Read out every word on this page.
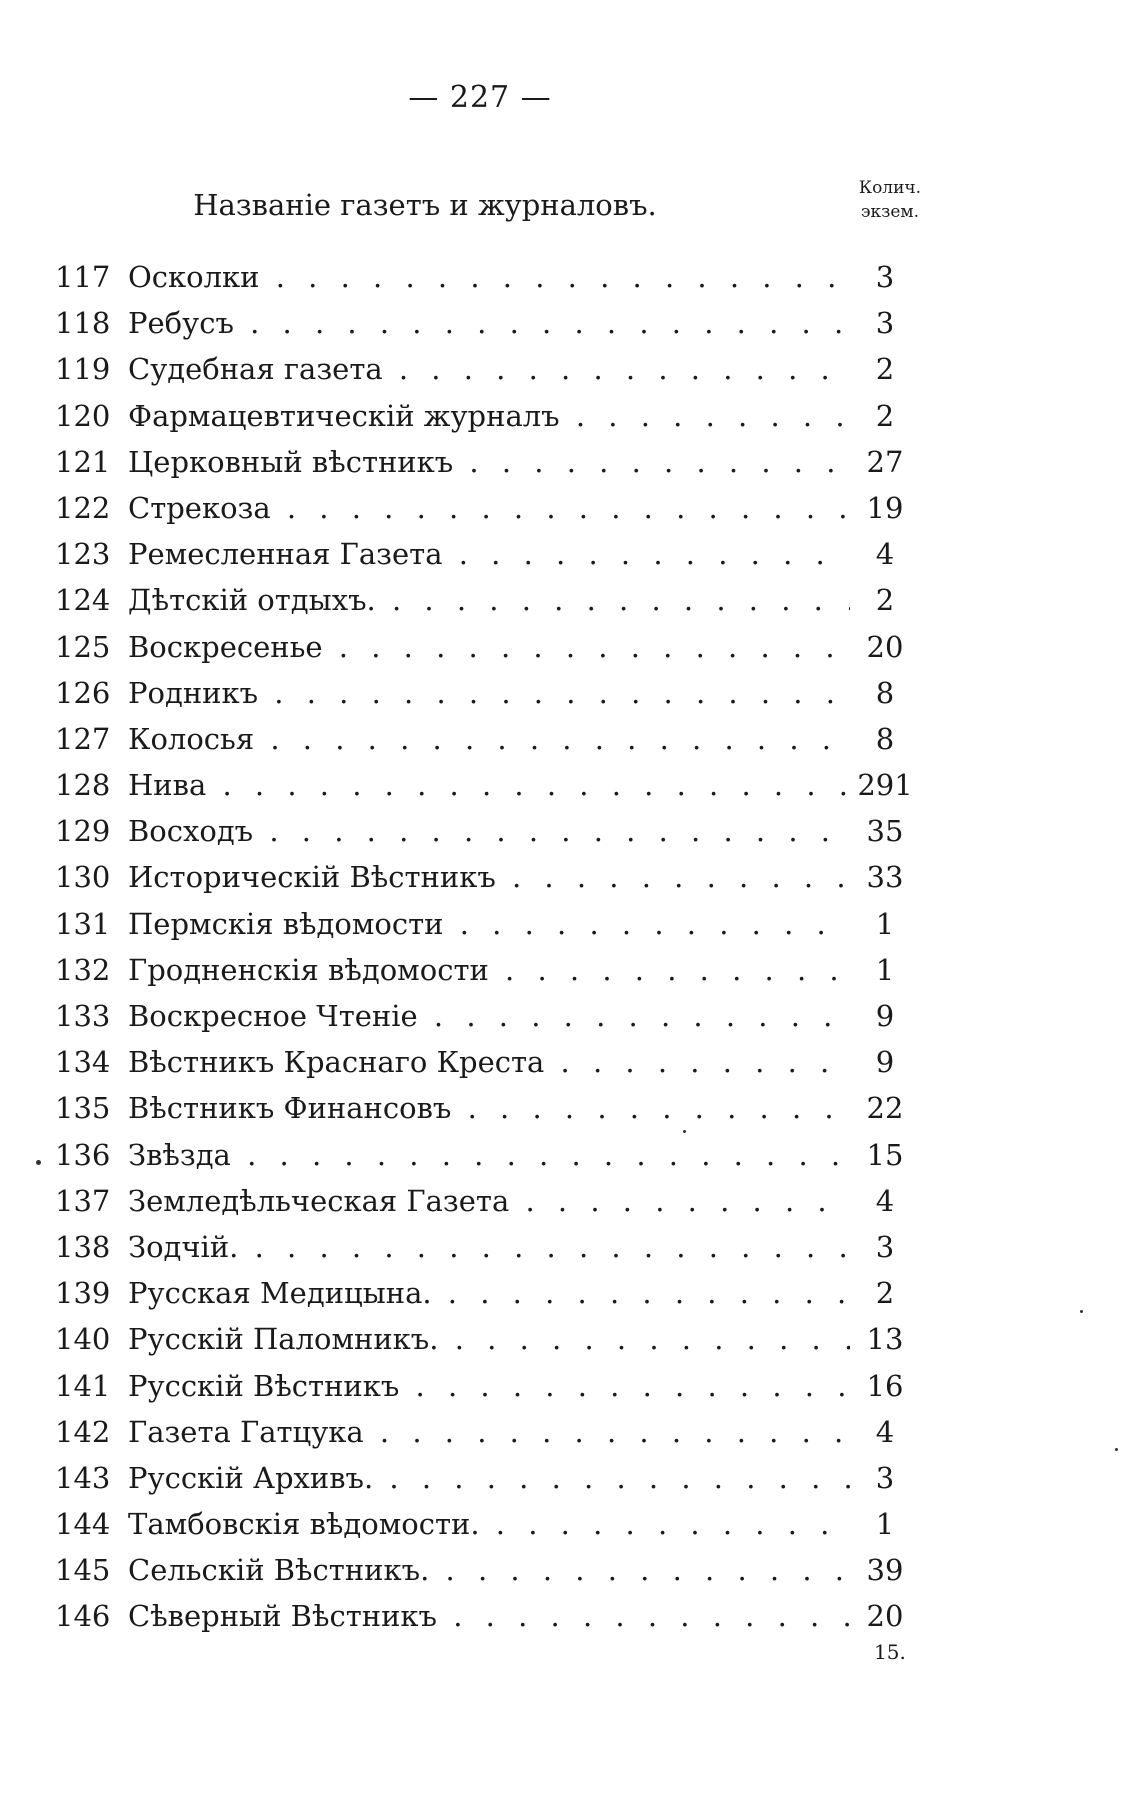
— 227 —
Названіе газетъ и журналовъ.	Колич.
экзем.
117 Осколки . . .	3
118 Ребусъ . . .	3
119 Судебная газета . . .	2
120 Фармацевтическій журналъ . . .	2
121 Церковный вѣстникъ . . .	27
122 Стрекоза . . .	19
123 Ремесленная Газета . . .	4
124 Дѣтскій отдыхъ. . . .	2
125 Воскресенье . . .	20
126 Родникъ . . .	8
127 Колосья . . .	8
128 Нива . . .	291
129 Восходъ . . .	35
130 Историческій Вѣстникъ . . .	33
131 Пермскія вѣдомости . . .	1
132 Гродненскія вѣдомости . . .	1
133 Воскресное Чтеніе . . .	9
134 Вѣстникъ Краснаго Креста . . .	9
135 Вѣстникъ Финансовъ . . .	22
136 Звѣзда . . .	15
137 Земледѣльческая Газета . . .	4
138 Зодчій. . . .	3
139 Русская Медицына. . . .	2
140 Русскій Паломникъ. . . .	13
141 Русскій Вѣстникъ . . .	16
142 Газета Гатцука . . .	4
143 Русскій Архивъ. . . .	3
144 Тамбовскія вѣдомости. . . .	1
145 Сельскій Вѣстникъ. . . .	39
146 Сѣверный Вѣстникъ . . .	20
15.
